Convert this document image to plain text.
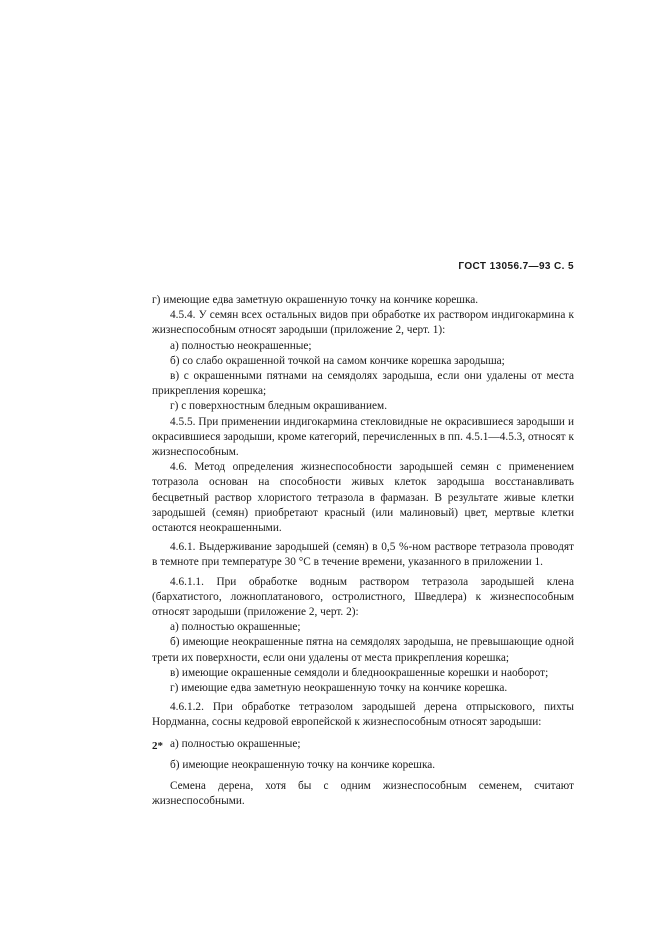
ГОСТ 13056.7—93 С. 5

г) имеющие едва заметную окрашенную точку на кончике корешка.

4.5.4. У семян всех остальных видов при обработке их раствором индигокармина к жизнеспособным относят зародыши (приложение 2, черт. 1):

а) полностью неокрашенные;

б) со слабо окрашенной точкой на самом кончике корешка зародыша;

в) с окрашенными пятнами на семядолях зародыша, если они удалены от места прикрепления корешка;

г) с поверхностным бледным окрашиванием.

4.5.5. При применении индигокармина стекловидные не окрасившиеся зародыши и окрасившиеся зародыши, кроме категорий, перечисленных в пп. 4.5.1—4.5.3, относят к жизнеспособным.

4.6. Метод определения жизнеспособности зародышей семян с применением тотразола основан на способности живых клеток зародыша восстанавливать бесцветный раствор хлористого тетразола в фармазан. В результате живые клетки зародышей (семян) приобретают красный (или малиновый) цвет, мертвые клетки остаются неокрашенными.

4.6.1. Выдерживание зародышей (семян) в 0,5 %-ном растворе тетразола проводят в темноте при температуре 30 °С в течение времени, указанного в приложении 1.

4.6.1.1. При обработке водным раствором тетразола зародышей клена (бархатистого, ложноплатанового, остролистного, Шведлера) к жизнеспособным относят зародыши (приложение 2, черт. 2):

а) полностью окрашенные;

б) имеющие неокрашенные пятна на семядолях зародыша, не превышающие одной трети их поверхности, если они удалены от места прикрепления корешка;

в) имеющие окрашенные семядоли и бледноокрашенные корешки и наоборот;

г) имеющие едва заметную неокрашенную точку на кончике корешка.

4.6.1.2. При обработке тетразолом зародышей дерена отпрыскового, пихты Нордманна, сосны кедровой европейской к жизнеспособным относят зародыши:

а) полностью окрашенные;

б) имеющие неокрашенную точку на кончике корешка.

Семена дерена, хотя бы с одним жизнеспособным семенем, считают жизнеспособными.

2*
